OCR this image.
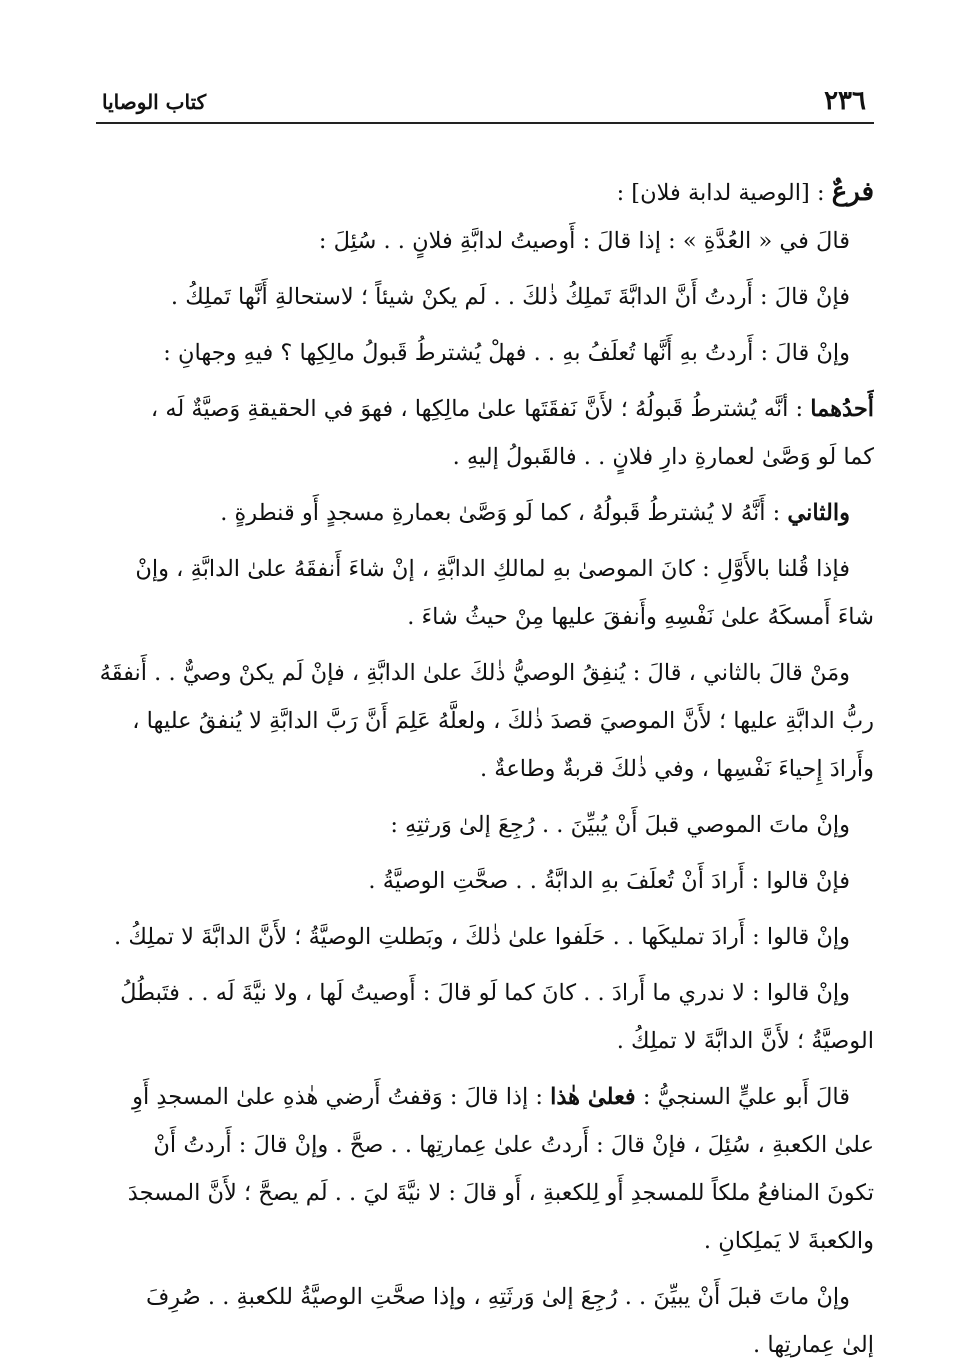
٢٣٦
كتاب الوصايا
فرعٌ : [الوصية لدابة فلان] :
قالَ في « العُدَّةِ » : إذا قالَ : أَوصيتُ لدابَّةِ فلانٍ . . سُئِلَ :
فإنْ قالَ : أَردتُ أَنَّ الدابَّةَ تَملِكُ ذٰلكَ . . لَم يكنْ شيئاً ؛ لاستحالةِ أَنَّها تَملِكُ .
وإنْ قالَ : أَردتُ بهِ أَنَّها تُعلَفُ بهِ . . فهلْ يُشترطُ قَبولُ مالِكِها ؟ فيهِ وجهانِ :
أَحدُهما : أنَّه يُشترطُ قَبولُهُ ؛ لأَنَّ نَفقَتَها علىٰ مالِكِها ، فهوَ في الحقيقةِ وَصيَّةٌ لَه ،
كما لَو وَصَّىٰ لعمارةِ دارِ فلانٍ . . فالقَبولُ إليهِ .
والثاني : أَنَّهُ لا يُشترطُ قَبولُهُ ، كما لَو وَصَّىٰ بعمارةِ مسجدٍ أَو قنطرةٍ .
فإذا قُلنا بالأَوَّلِ : كانَ الموصىٰ بهِ لمالكِ الدابَّةِ ، إنْ شاءَ أَنفقَهُ علىٰ الدابَّةِ ، وإنْ
شاءَ أَمسكَهُ علىٰ نَفْسِهِ وأَنفقَ عليها مِنْ حيثُ شاءَ .
ومَنْ قالَ بالثاني ، قالَ : يُنفِقُ الوصيُّ ذٰلكَ علىٰ الدابَّةِ ، فإنْ لَم يكنْ وصيٌّ . . أَنفقَهُ
ربُّ الدابَّةِ عليها ؛ لأَنَّ الموصيَ قصدَ ذٰلكَ ، ولعلَّهُ عَلِمَ أَنَّ رَبَّ الدابَّةِ لا يُنفقُ عليها ،
وأَرادَ إِحياءَ نَفْسِها ، وفي ذٰلكَ قربةٌ وطاعةٌ .
وإنْ ماتَ الموصي قبلَ أَنْ يُبيِّنَ . . رُجِعَ إلىٰ وَرثتِهِ :
فإنْ قالوا : أَرادَ أَنْ تُعلَفَ بهِ الدابَّةُ . . صحَّتِ الوصيَّةُ .
وإنْ قالوا : أَرادَ تمليكَها . . حَلَفوا علىٰ ذٰلكَ ، وبَطلتِ الوصيَّةُ ؛ لأَنَّ الدابَّةَ لا تملِكُ .
وإنْ قالوا : لا ندري ما أَرادَ . . كانَ كما لَو قالَ : أَوصيتُ لَها ، ولا نيَّةَ لَه . . فتَبطُلُ
الوصيَّةُ ؛ لأَنَّ الدابَّةَ لا تملِكُ .
قالَ أَبو عليٍّ السنجيُّ : فعلىٰ هٰذا : إذا قالَ : وَقفتُ أَرضي هٰذهِ علىٰ المسجدِ أَوِ
علىٰ الكعبةِ ، سُئِلَ ، فإنْ قالَ : أَردتُ علىٰ عِمارتِها . . صحَّ . وإنْ قالَ : أَردتُ أَنْ
تكونَ المنافعُ ملكاً للمسجدِ أَو لِلكعبةِ ، أَو قالَ : لا نيَّةَ ليَ . . لَم يصحَّ ؛ لأَنَّ المسجدَ
والكعبةَ لا يَملِكانِ .
وإنْ ماتَ قبلَ أَنْ يبيِّنَ . . رُجِعَ إلىٰ وَرثَتِهِ ، وإذا صحَّتِ الوصيَّةُ للكعبةِ . . صُرِفَ
إلىٰ عِمارتِها .
